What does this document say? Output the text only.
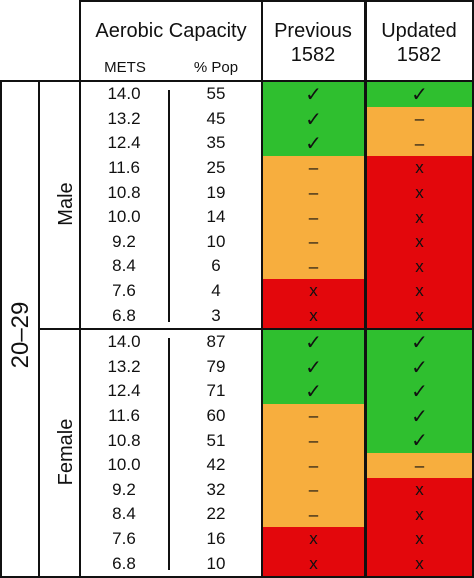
Aerobic Capacity
METS	% Pop
Previous
1582
Updated
1582
20–29
Male
Female
14.0	55	✓	✓
13.2	45	✓	–
12.4	35	✓	–
11.6	25	–	x
10.8	19	–	x
10.0	14	–	x
9.2	10	–	x
8.4	6	–	x
7.6	4	x	x
6.8	3	x	x
14.0	87	✓	✓
13.2	79	✓	✓
12.4	71	✓	✓
11.6	60	–	✓
10.8	51	–	✓
10.0	42	–	–
9.2	32	–	x
8.4	22	–	x
7.6	16	x	x
6.8	10	x	x
